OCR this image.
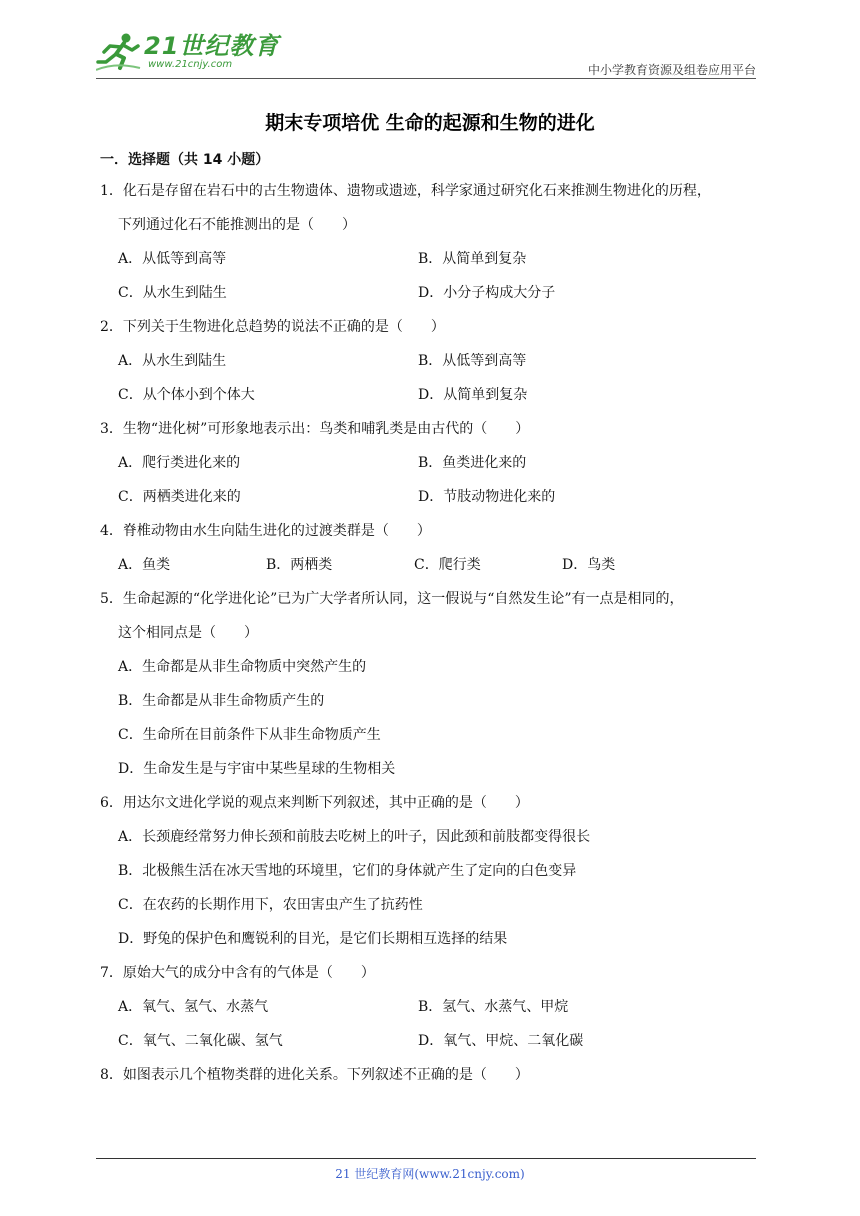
21世纪教育
www.21cnjy.com	中小学教育资源及组卷应用平台
期末专项培优 生命的起源和生物的进化
一．选择题（共 14 小题）
1．化石是存留在岩石中的古生物遗体、遗物或遗迹，科学家通过研究化石来推测生物进化的历程，
下列通过化石不能推测出的是（　　）
A．从低等到高等	B．从简单到复杂
C．从水生到陆生	D．小分子构成大分子
2．下列关于生物进化总趋势的说法不正确的是（　　）
A．从水生到陆生	B．从低等到高等
C．从个体小到个体大	D．从简单到复杂
3．生物“进化树”可形象地表示出：鸟类和哺乳类是由古代的（　　）
A．爬行类进化来的	B．鱼类进化来的
C．两栖类进化来的	D．节肢动物进化来的
4．脊椎动物由水生向陆生进化的过渡类群是（　　）
A．鱼类	B．两栖类	C．爬行类	D．鸟类
5．生命起源的“化学进化论”已为广大学者所认同，这一假说与“自然发生论”有一点是相同的，
这个相同点是（　　）
A．生命都是从非生命物质中突然产生的
B．生命都是从非生命物质产生的
C．生命所在目前条件下从非生命物质产生
D．生命发生是与宇宙中某些星球的生物相关
6．用达尔文进化学说的观点来判断下列叙述，其中正确的是（　　）
A．长颈鹿经常努力伸长颈和前肢去吃树上的叶子，因此颈和前肢都变得很长
B．北极熊生活在冰天雪地的环境里，它们的身体就产生了定向的白色变异
C．在农药的长期作用下，农田害虫产生了抗药性
D．野兔的保护色和鹰锐利的目光，是它们长期相互选择的结果
7．原始大气的成分中含有的气体是（　　）
A．氧气、氢气、水蒸气	B．氢气、水蒸气、甲烷
C．氧气、二氧化碳、氢气	D．氧气、甲烷、二氧化碳
8．如图表示几个植物类群的进化关系。下列叙述不正确的是（　　）
21 世纪教育网(www.21cnjy.com)
